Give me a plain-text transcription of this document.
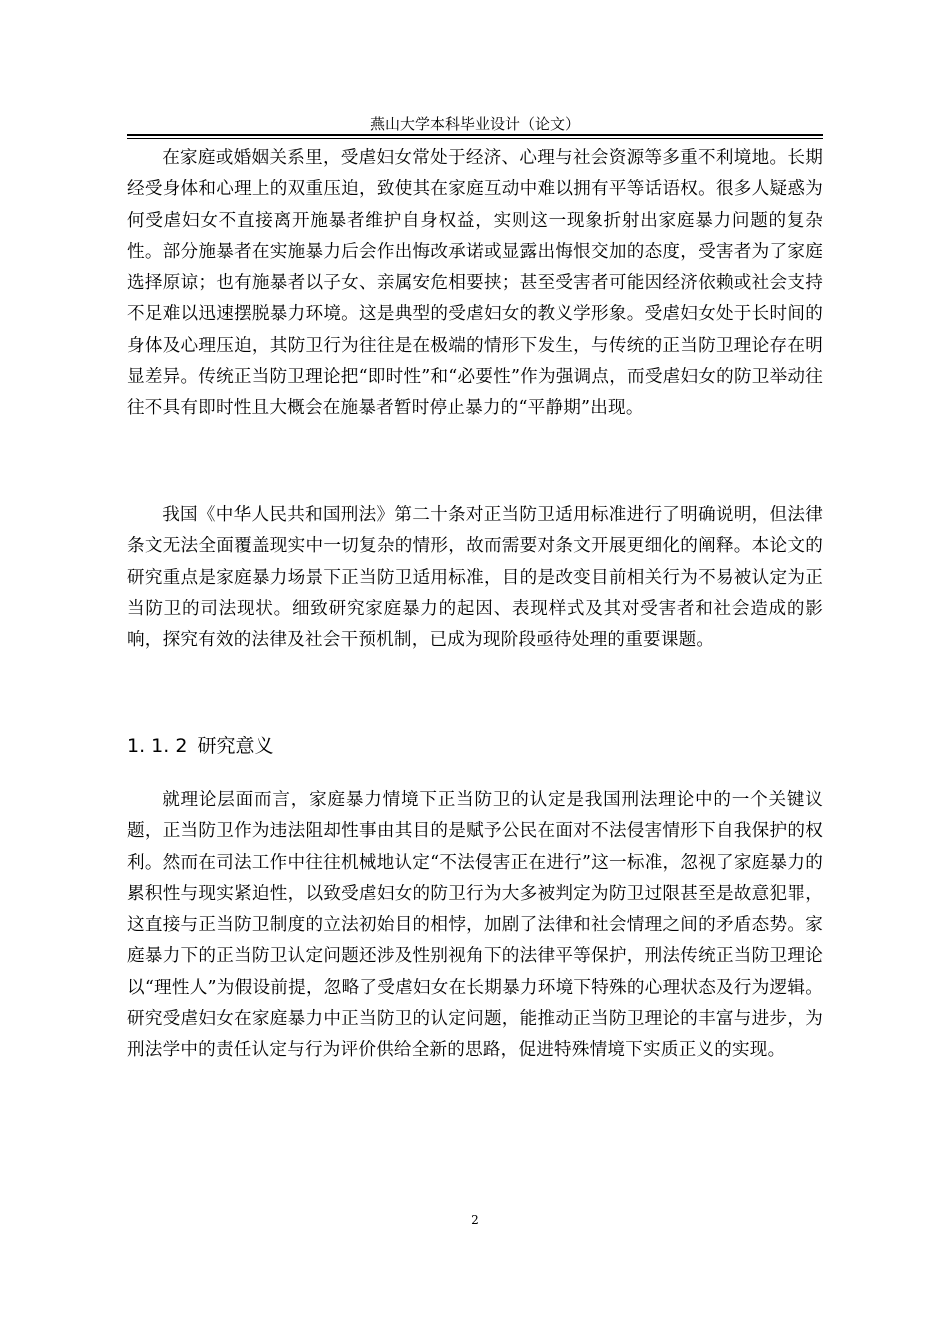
燕山大学本科毕业设计（论文）

在家庭或婚姻关系里，受虐妇女常处于经济、心理与社会资源等多重不利境地。长期经受身体和心理上的双重压迫，致使其在家庭互动中难以拥有平等话语权。很多人疑惑为何受虐妇女不直接离开施暴者维护自身权益，实则这一现象折射出家庭暴力问题的复杂性。部分施暴者在实施暴力后会作出悔改承诺或显露出悔恨交加的态度，受害者为了家庭选择原谅；也有施暴者以子女、亲属安危相要挟；甚至受害者可能因经济依赖或社会支持不足难以迅速摆脱暴力环境。这是典型的受虐妇女的教义学形象。受虐妇女处于长时间的身体及心理压迫，其防卫行为往往是在极端的情形下发生，与传统的正当防卫理论存在明显差异。传统正当防卫理论把“即时性”和“必要性”作为强调点，而受虐妇女的防卫举动往往不具有即时性且大概会在施暴者暂时停止暴力的“平静期”出现。

我国《中华人民共和国刑法》第二十条对正当防卫适用标准进行了明确说明，但法律条文无法全面覆盖现实中一切复杂的情形，故而需要对条文开展更细化的阐释。本论文的研究重点是家庭暴力场景下正当防卫适用标准，目的是改变目前相关行为不易被认定为正当防卫的司法现状。细致研究家庭暴力的起因、表现样式及其对受害者和社会造成的影响，探究有效的法律及社会干预机制，已成为现阶段亟待处理的重要课题。

1. 1. 2 研究意义

就理论层面而言，家庭暴力情境下正当防卫的认定是我国刑法理论中的一个关键议题，正当防卫作为违法阻却性事由其目的是赋予公民在面对不法侵害情形下自我保护的权利。然而在司法工作中往往机械地认定“不法侵害正在进行”这一标准，忽视了家庭暴力的累积性与现实紧迫性，以致受虐妇女的防卫行为大多被判定为防卫过限甚至是故意犯罪，这直接与正当防卫制度的立法初始目的相悖，加剧了法律和社会情理之间的矛盾态势。家庭暴力下的正当防卫认定问题还涉及性别视角下的法律平等保护，刑法传统正当防卫理论以“理性人”为假设前提，忽略了受虐妇女在长期暴力环境下特殊的心理状态及行为逻辑。研究受虐妇女在家庭暴力中正当防卫的认定问题，能推动正当防卫理论的丰富与进步，为刑法学中的责任认定与行为评价供给全新的思路，促进特殊情境下实质正义的实现。

2
